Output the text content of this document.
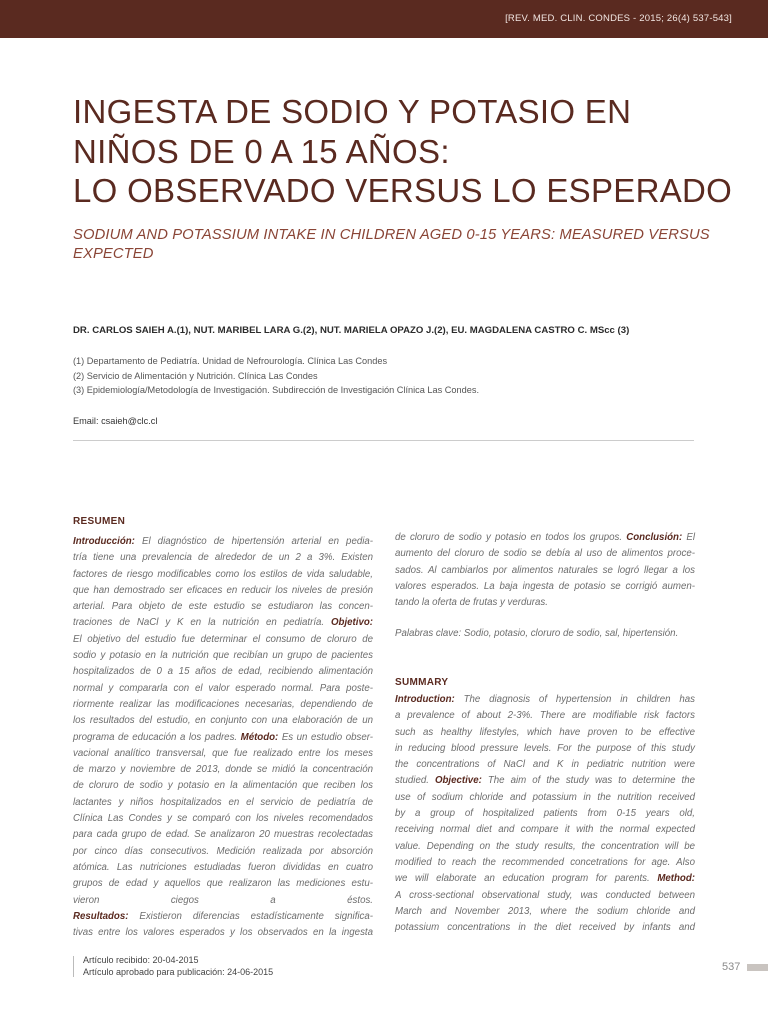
[REV. MED. CLIN. CONDES - 2015; 26(4) 537-543]
INGESTA DE SODIO Y POTASIO EN
NIÑOS DE 0 A 15 AÑOS:
LO OBSERVADO VERSUS LO ESPERADO
SODIUM AND POTASSIUM INTAKE IN CHILDREN AGED 0-15 YEARS: MEASURED VERSUS
EXPECTED
DR. CARLOS SAIEH A.(1), NUT. MARIBEL LARA G.(2), NUT. MARIELA OPAZO J.(2), EU. MAGDALENA CASTRO C. MScc (3)
(1) Departamento de Pediatría. Unidad de Nefrourología. Clínica Las Condes
(2) Servicio de Alimentación y Nutrición. Clínica Las Condes
(3) Epidemiología/Metodología de Investigación. Subdirección de Investigación Clínica Las Condes.
Email: csaieh@clc.cl
RESUMEN
Introducción: El diagnóstico de hipertensión arterial en pedia-
tría tiene una prevalencia de alrededor de un 2 a 3%. Existen
factores de riesgo modificables como los estilos de vida saludable,
que han demostrado ser eficaces en reducir los niveles de presión
arterial. Para objeto de este estudio se estudiaron las concen-
traciones de NaCl y K en la nutrición en pediatría. Objetivo:
El objetivo del estudio fue determinar el consumo de cloruro de
sodio y potasio en la nutrición que recibían un grupo de pacientes
hospitalizados de 0 a 15 años de edad, recibiendo alimentación
normal y compararla con el valor esperado normal. Para poste-
riormente realizar las modificaciones necesarias, dependiendo de
los resultados del estudio, en conjunto con una elaboración de un
programa de educación a los padres. Método: Es un estudio obser-
vacional analítico transversal, que fue realizado entre los meses
de marzo y noviembre de 2013, donde se midió la concentración
de cloruro de sodio y potasio en la alimentación que reciben los
lactantes y niños hospitalizados en el servicio de pediatría de
Clínica Las Condes y se comparó con los niveles recomendados
para cada grupo de edad. Se analizaron 20 muestras recolectadas
por cinco días consecutivos. Medición realizada por absorción
atómica. Las nutriciones estudiadas fueron divididas en cuatro
grupos de edad y aquellos que realizaron las mediciones estu-
vieron ciegos a éstos.
Resultados: Existieron diferencias estadísticamente significa-
tivas entre los valores esperados y los observados en la ingesta
de cloruro de sodio y potasio en todos los grupos. Conclusión: El
aumento del cloruro de sodio se debía al uso de alimentos proce-
sados. Al cambiarlos por alimentos naturales se logró llegar a los
valores esperados. La baja ingesta de potasio se corrigió aumen-
tando la oferta de frutas y verduras.
Palabras clave: Sodio, potasio, cloruro de sodio, sal, hipertensión.
SUMMARY
Introduction: The diagnosis of hypertension in children has
a prevalence of about 2-3%. There are modifiable risk factors
such as healthy lifestyles, which have proven to be effective
in reducing blood pressure levels. For the purpose of this study
the concentrations of NaCl and K in pediatric nutrition were
studied. Objective: The aim of the study was to determine the
use of sodium chloride and potassium in the nutrition received
by a group of hospitalized patients from 0-15 years old,
receiving normal diet and compare it with the normal expected
value. Depending on the study results, the concentration will be
modified to reach the recommended concetrations for age. Also
we will elaborate an education program for parents. Method:
A cross-sectional observational study, was conducted between
March and November 2013, where the sodium chloride and
potassium concentrations in the diet received by infants and
Artículo recibido: 20-04-2015
Artículo aprobado para publicación: 24-06-2015	537
